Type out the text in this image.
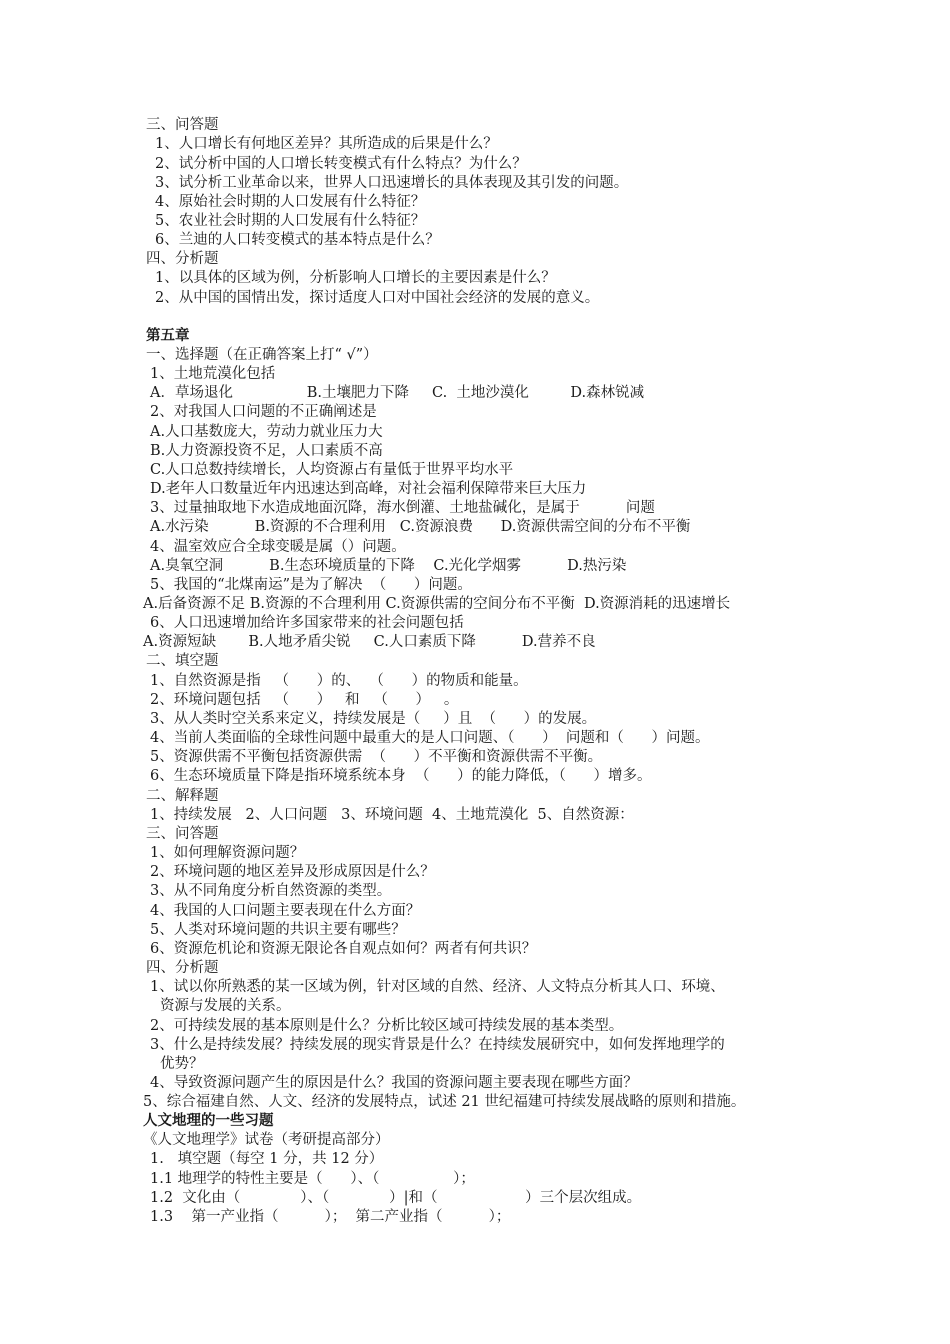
三、问答题
1、人口增长有何地区差异？其所造成的后果是什么？
2、试分析中国的人口增长转变模式有什么特点？为什么？
3、试分析工业革命以来，世界人口迅速增长的具体表现及其引发的问题。
4、原始社会时期的人口发展有什么特征？
5、农业社会时期的人口发展有什么特征？
6、兰迪的人口转变模式的基本特点是什么？
四、分析题
1、以具体的区域为例，分析影响人口增长的主要因素是什么？
2、从中国的国情出发，探讨适度人口对中国社会经济的发展的意义。
第五章
一、选择题（在正确答案上打“ √”）
1、土地荒漠化包括
A．草场退化                B.土壤肥力下降     C.  土地沙漠化         D.森林锐减
2、对我国人口问题的不正确阐述是
A.人口基数庞大，劳动力就业压力大
B.人力资源投资不足，人口素质不高
C.人口总数持续增长，人均资源占有量低于世界平均水平
D.老年人口数量近年内迅速达到高峰，对社会福利保障带来巨大压力
3、过量抽取地下水造成地面沉降，海水倒灌、土地盐碱化，是属于          问题
A.水污染          B.资源的不合理利用   C.资源浪费      D.资源供需空间的分布不平衡
4、温室效应合全球变暖是属（）问题。
A.臭氧空洞          B.生态环境质量的下降    C.光化学烟雾          D.热污染
5、我国的“北煤南运”是为了解决  （      ）问题。
A.后备资源不足 B.资源的不合理利用 C.资源供需的空间分布不平衡  D.资源消耗的迅速增长
6、人口迅速增加给许多国家带来的社会问题包括
A.资源短缺       B.人地矛盾尖锐     C.人口素质下降          D.营养不良
二、填空题
1、自然资源是指   （      ）的、  （      ）的物质和能量。
2、环境问题包括   （      ）   和   （      ）   。
3、从人类时空关系来定义，持续发展是（     ）且  （      ）的发展。
4、当前人类面临的全球性问题中最重大的是人口问题、（      ）  问题和（      ）问题。
5、资源供需不平衡包括资源供需  （      ）不平衡和资源供需不平衡。
6、生态环境质量下降是指环境系统本身  （      ）的能力降低，（      ）增多。
二、解释题
1、持续发展   2、人口问题   3、环境问题  4、土地荒漠化  5、自然资源：
三、问答题
1、如何理解资源问题？
2、环境问题的地区差异及形成原因是什么？
3、从不同角度分析自然资源的类型。
4、我国的人口问题主要表现在什么方面？
5、人类对环境问题的共识主要有哪些？
6、资源危机论和资源无限论各自观点如何？两者有何共识？
四、分析题
1、试以你所熟悉的某一区域为例，针对区域的自然、经济、人文特点分析其人口、环境、
资源与发展的关系。
2、可持续发展的基本原则是什么？分析比较区域可持续发展的基本类型。
3、什么是持续发展？持续发展的现实背景是什么？在持续发展研究中，如何发挥地理学的
优势？
4、导致资源问题产生的原因是什么？我国的资源问题主要表现在哪些方面？
5、综合福建自然、人文、经济的发展特点，试述 21 世纪福建可持续发展战略的原则和措施。
人文地理的一些习题
《人文地理学》试卷（考研提高部分）
1.   填空题（每空 1 分，共 12 分）
1.1 地理学的特性主要是（      ）、（                ）；
1.2  文化由（             ）、（             ）|和（                   ）三个层次组成。
1.3    第一产业指（          ）；  第二产业指（          ）；
